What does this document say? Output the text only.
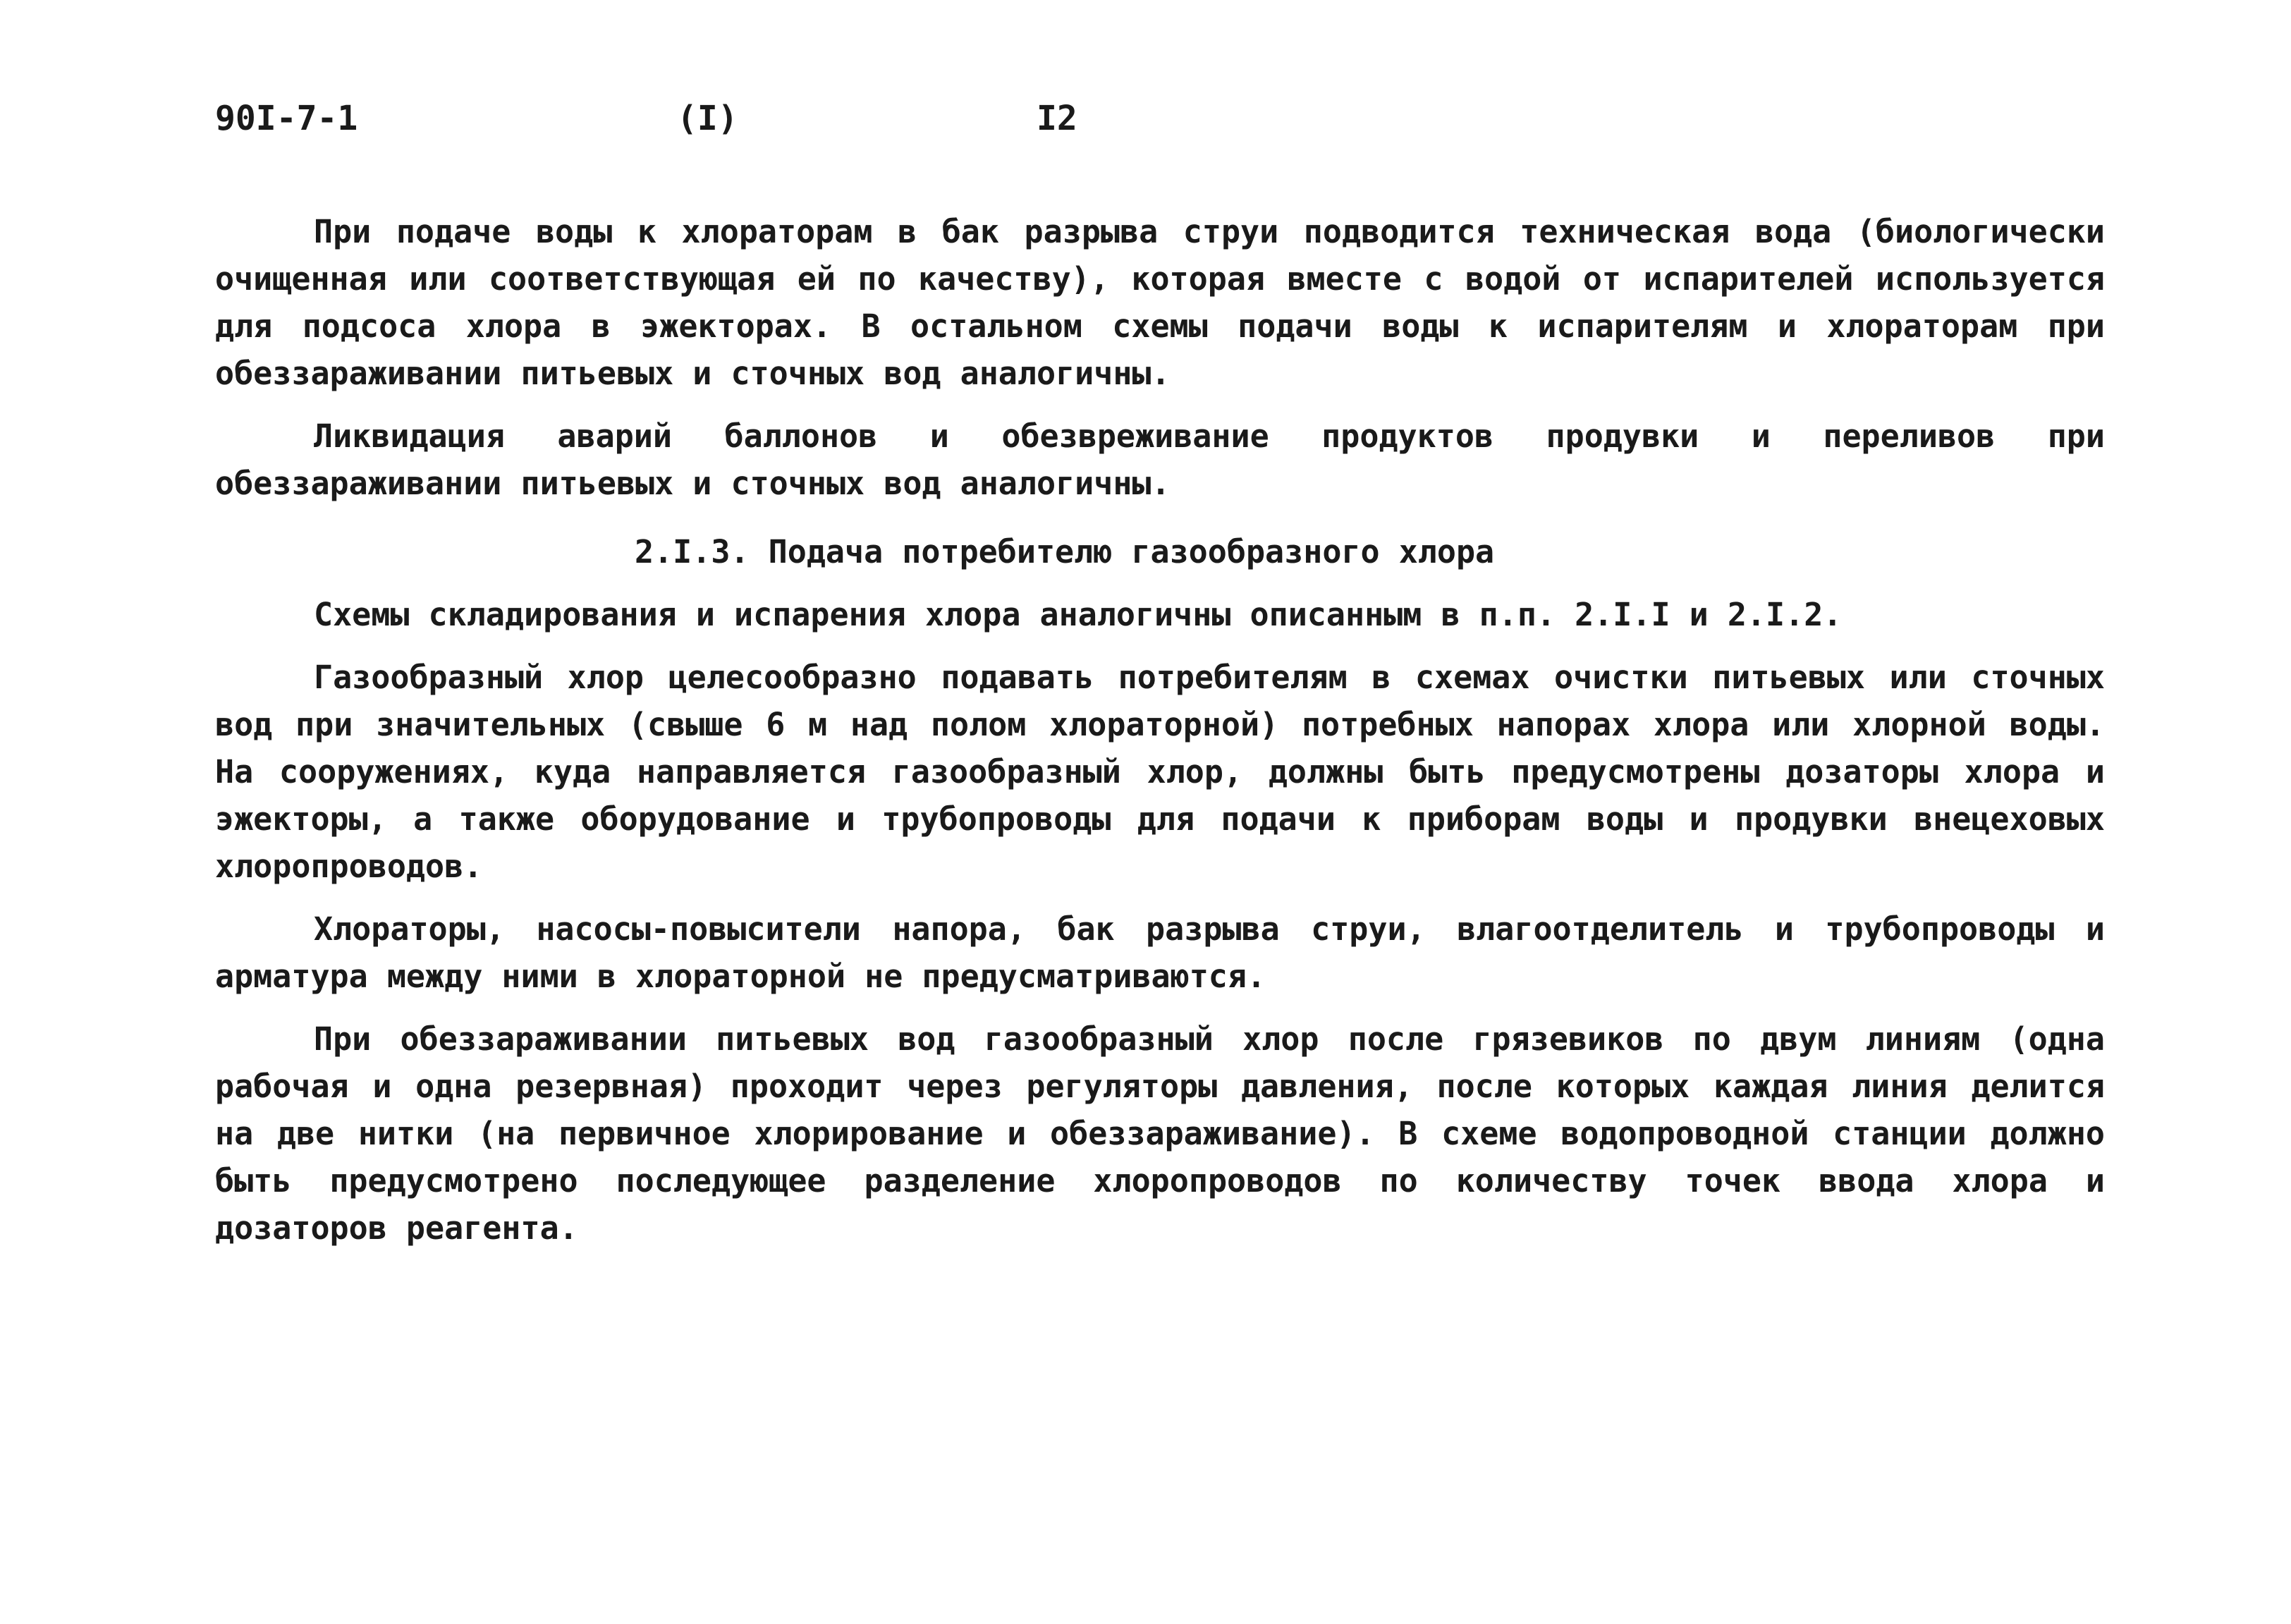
90I-7-1	(I)	I2

При подаче воды к хлораторам в бак разрыва струи подводится техническая вода (биологически очищенная или соответствующая ей по качеству), которая вместе с водой от испарителей используется для подсоса хлора в эжекторах. В остальном схемы подачи воды к испарителям и хлораторам при обеззараживании питьевых и сточных вод аналогичны.

Ликвидация аварий баллонов и обезвреживание продуктов продувки и переливов при обеззараживании питьевых и сточных вод аналогичны.

2.I.3. Подача потребителю газообразного хлора

Схемы складирования и испарения хлора аналогичны описанным в п.п. 2.I.I и 2.I.2.

Газообразный хлор целесообразно подавать потребителям в схемах очистки питьевых или сточных вод при значительных (свыше 6 м над полом хлораторной) потребных напорах хлора или хлорной воды. На сооружениях, куда направляется газообразный хлор, должны быть предусмотрены дозаторы хлора и эжекторы, а также оборудование и трубопроводы для подачи к приборам воды и продувки внецеховых хлоропроводов.

Хлораторы, насосы-повысители напора, бак разрыва струи, влагоотделитель и трубопроводы и арматура между ними в хлораторной не предусматриваются.

При обеззараживании питьевых вод газообразный хлор после грязевиков по двум линиям (одна рабочая и одна резервная) проходит через регуляторы давления, после которых каждая линия делится на две нитки (на первичное хлорирование и обеззараживание). В схеме водопроводной станции должно быть предусмотрено последующее разделение хлоропроводов по количеству точек ввода хлора и дозаторов реагента.
